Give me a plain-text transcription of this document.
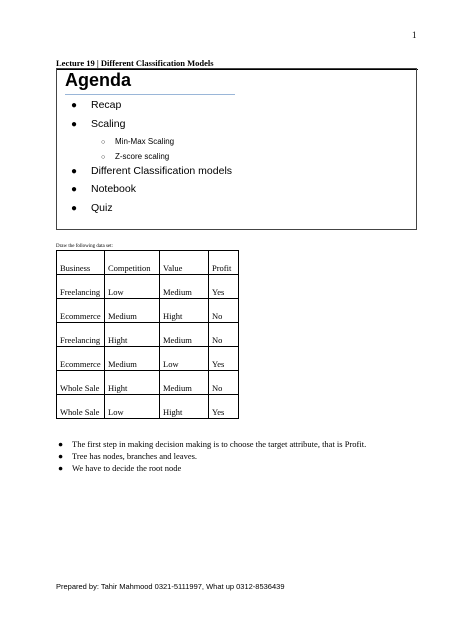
1
Lecture 19 | Different Classification Models
Agenda
● Recap
● Scaling
○ Min-Max Scaling
○ Z-score scaling
● Different Classification models
● Notebook
● Quiz
Draw the following data set:
Business	Competition	Value	Profit
Freelancing	Low	Medium	Yes
Ecommerce	Medium	Hight	No
Freelancing	Hight	Medium	No
Ecommerce	Medium	Low	Yes
Whole Sale	Hight	Medium	No
Whole Sale	Low	Hight	Yes
● The first step in making decision making is to choose the target attribute, that is Profit.
● Tree has nodes, branches and leaves.
● We have to decide the root node
Prepared by: Tahir Mahmood 0321-5111997, What up 0312-8536439
